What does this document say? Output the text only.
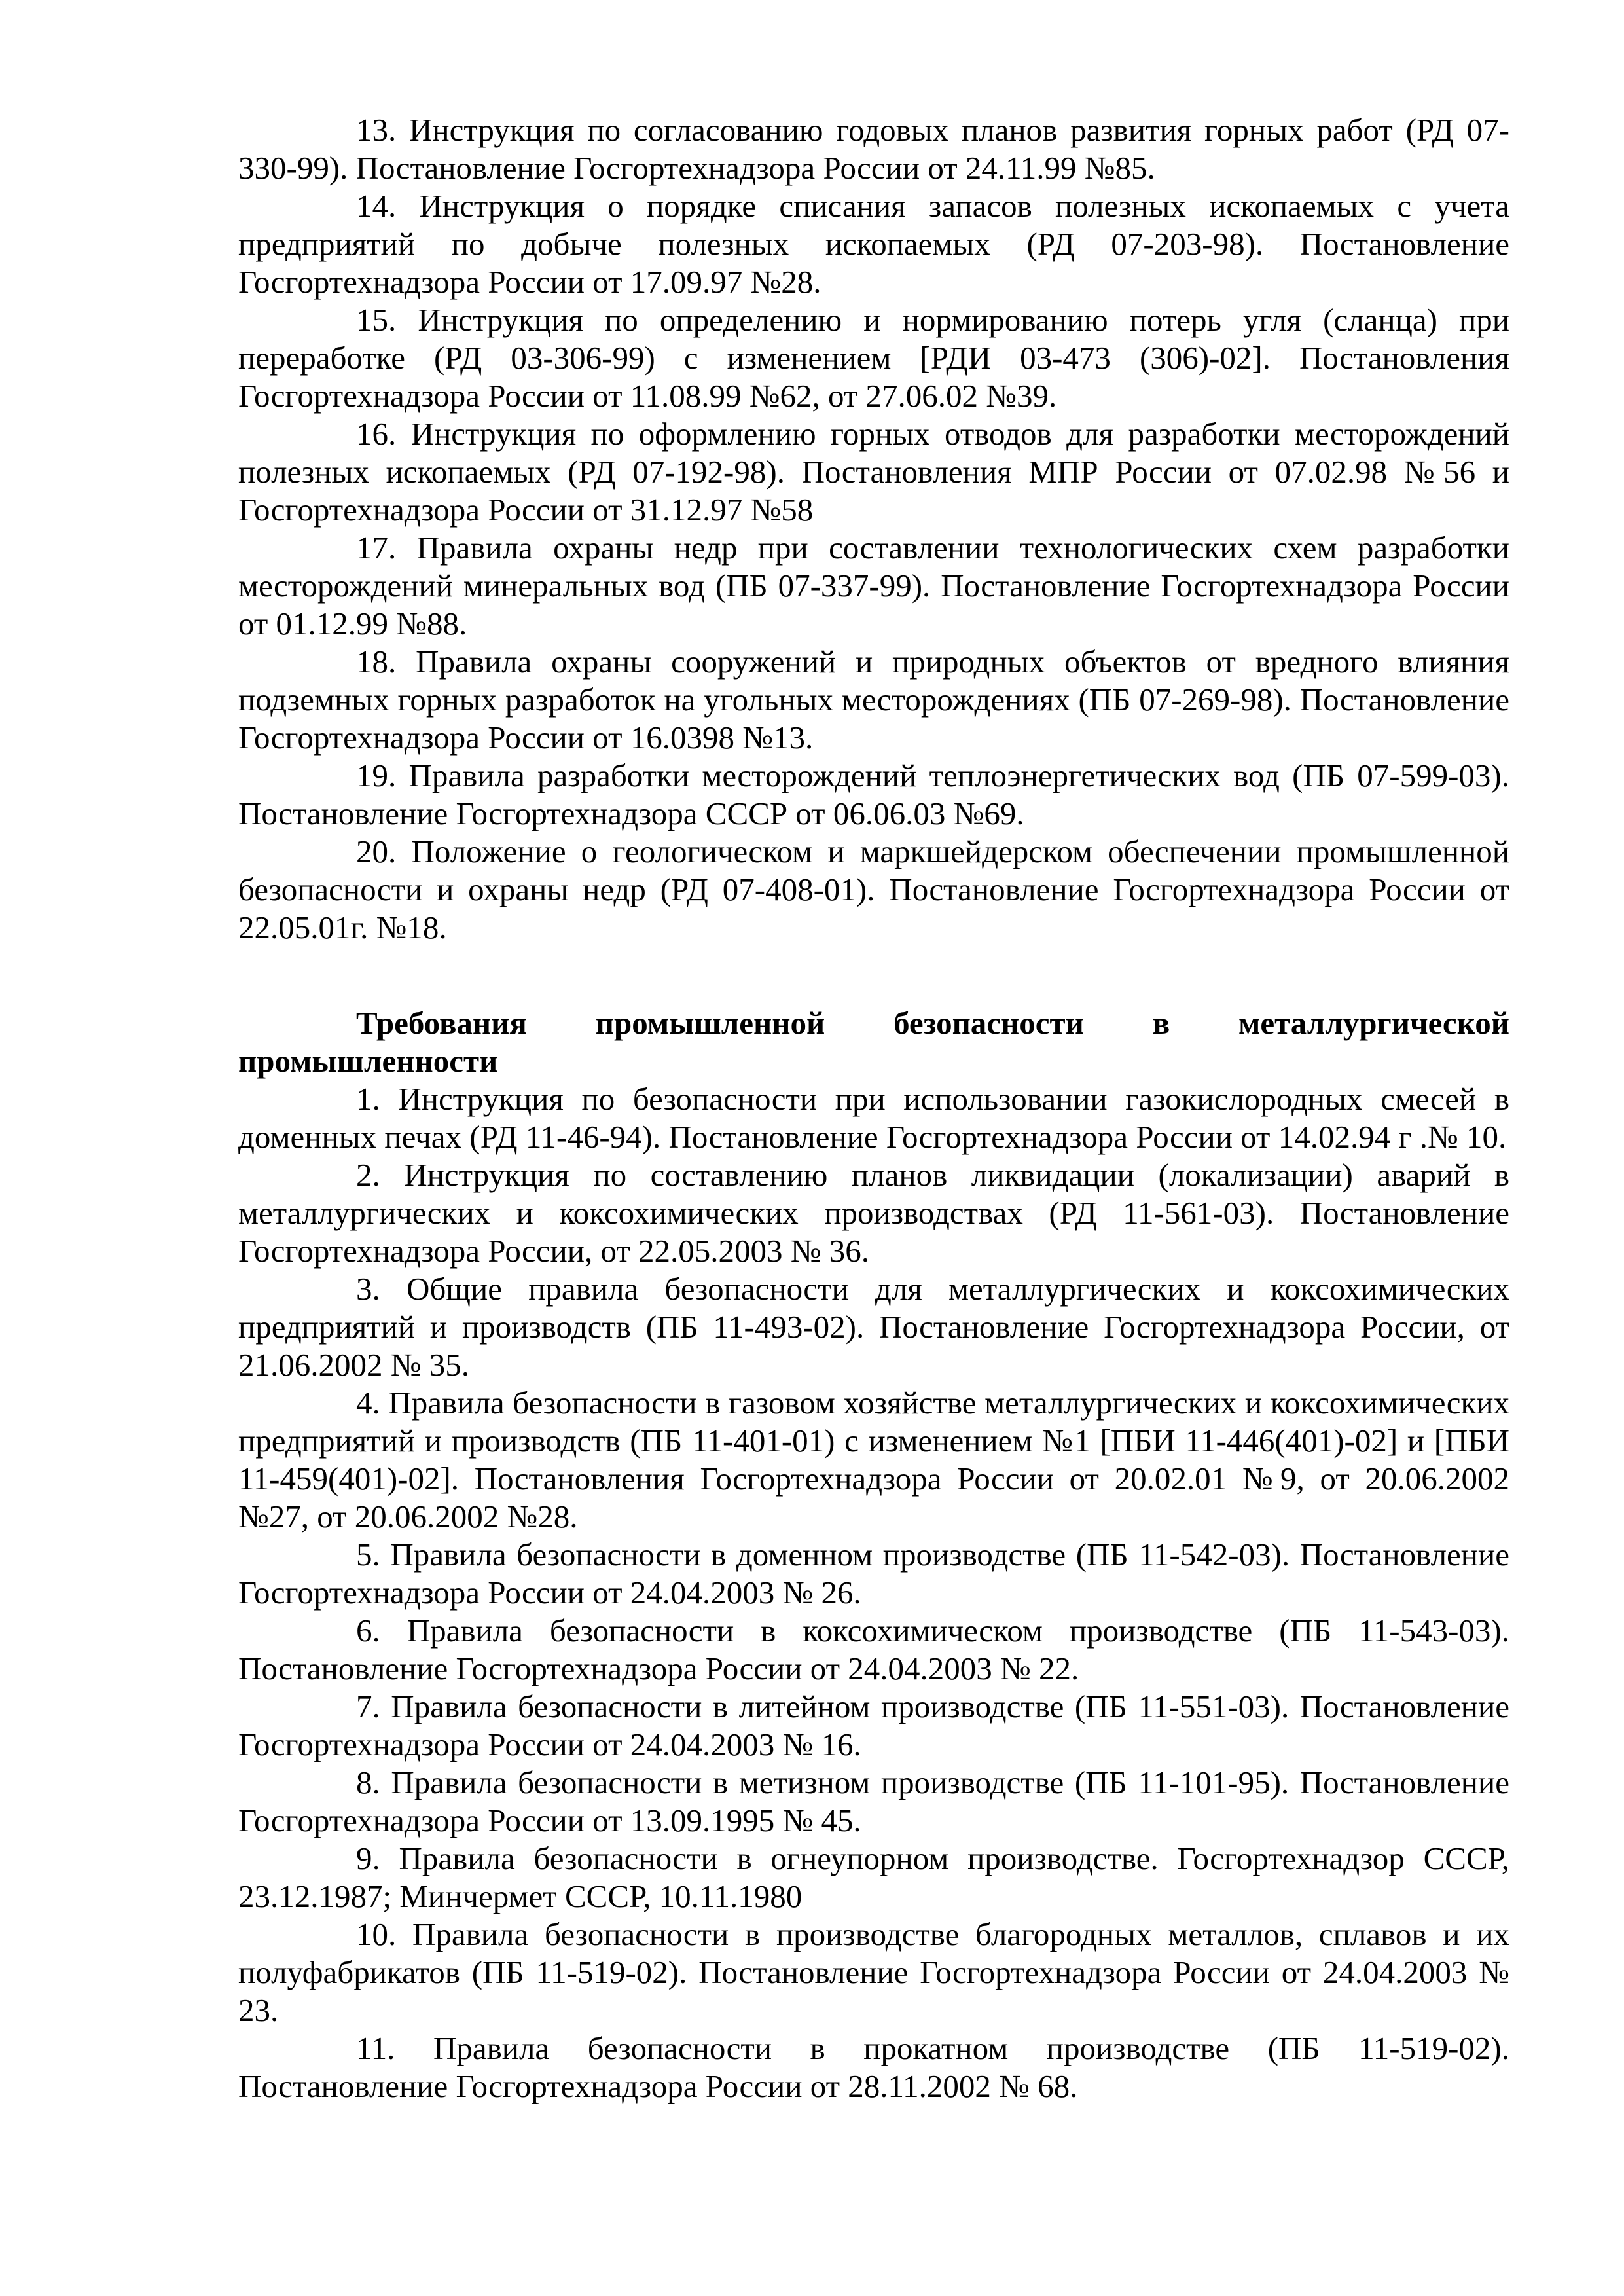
13. Инструкция по согласованию годовых планов развития горных работ (РД 07-330-99). Постановление Госгортехнадзора России от 24.11.99 №85.

14. Инструкция о порядке списания запасов полезных ископаемых с учета предприятий по добыче полезных ископаемых (РД 07-203-98). Постановление Госгортехнадзора России от 17.09.97 №28.

15. Инструкция по определению и нормированию потерь угля (сланца) при переработке (РД 03-306-99) с изменением [РДИ 03-473 (306)-02]. Постановления Госгортехнадзора России от 11.08.99 №62, от 27.06.02 №39.

16. Инструкция по оформлению горных отводов для разработки месторождений полезных ископаемых (РД 07-192-98). Постановления МПР России от 07.02.98 №56 и Госгортехнадзора России от 31.12.97 №58

17. Правила охраны недр при составлении технологических схем разработки месторождений минеральных вод (ПБ 07-337-99). Постановление Госгортехнадзора России от 01.12.99 №88.

18. Правила охраны сооружений и природных объектов от вредного влияния подземных горных разработок на угольных месторождениях (ПБ 07-269-98). Постановление Госгортехнадзора России от 16.0398 №13.

19. Правила разработки месторождений теплоэнергетических вод (ПБ 07-599-03). Постановление Госгортехнадзора СССР от 06.06.03 №69.

20. Положение о геологическом и маркшейдерском обеспечении промышленной безопасности и охраны недр (РД 07-408-01). Постановление Госгортехнадзора России от 22.05.01г. №18.

Требования промышленной безопасности в металлургической промышленности

1. Инструкция по безопасности при использовании газокислородных смесей в доменных печах (РД 11-46-94). Постановление Госгортехнадзора России от 14.02.94 г .№ 10.

2. Инструкция по составлению планов ликвидации (локализации) аварий в металлургических и коксохимических производствах (РД 11-561-03). Постановление Госгортехнадзора России, от 22.05.2003 № 36.

3. Общие правила безопасности для металлургических и коксохимических предприятий и производств (ПБ 11-493-02). Постановление Госгортехнадзора России, от 21.06.2002 № 35.

4. Правила безопасности в газовом хозяйстве металлургических и коксохимических предприятий и производств (ПБ 11-401-01) с изменением №1 [ПБИ 11-446(401)-02] и [ПБИ 11-459(401)-02]. Постановления Госгортехнадзора России от 20.02.01 №9, от 20.06.2002 №27, от 20.06.2002 №28.

5. Правила безопасности в доменном производстве (ПБ 11-542-03). Постановление Госгортехнадзора России от 24.04.2003 № 26.

6. Правила безопасности в коксохимическом производстве (ПБ 11-543-03). Постановление Госгортехнадзора России от 24.04.2003 № 22.

7. Правила безопасности в литейном производстве (ПБ 11-551-03). Постановление Госгортехнадзора России от 24.04.2003 № 16.

8. Правила безопасности в метизном производстве (ПБ 11-101-95). Постановление Госгортехнадзора России от 13.09.1995 № 45.

9. Правила безопасности в огнеупорном производстве. Госгортехнадзор СССР, 23.12.1987; Минчермет СССР, 10.11.1980

10. Правила безопасности в производстве благородных металлов, сплавов и их полуфабрикатов (ПБ 11-519-02). Постановление Госгортехнадзора России от 24.04.2003 № 23.

11. Правила безопасности в прокатном производстве (ПБ 11-519-02). Постановление Госгортехнадзора России от 28.11.2002 № 68.
